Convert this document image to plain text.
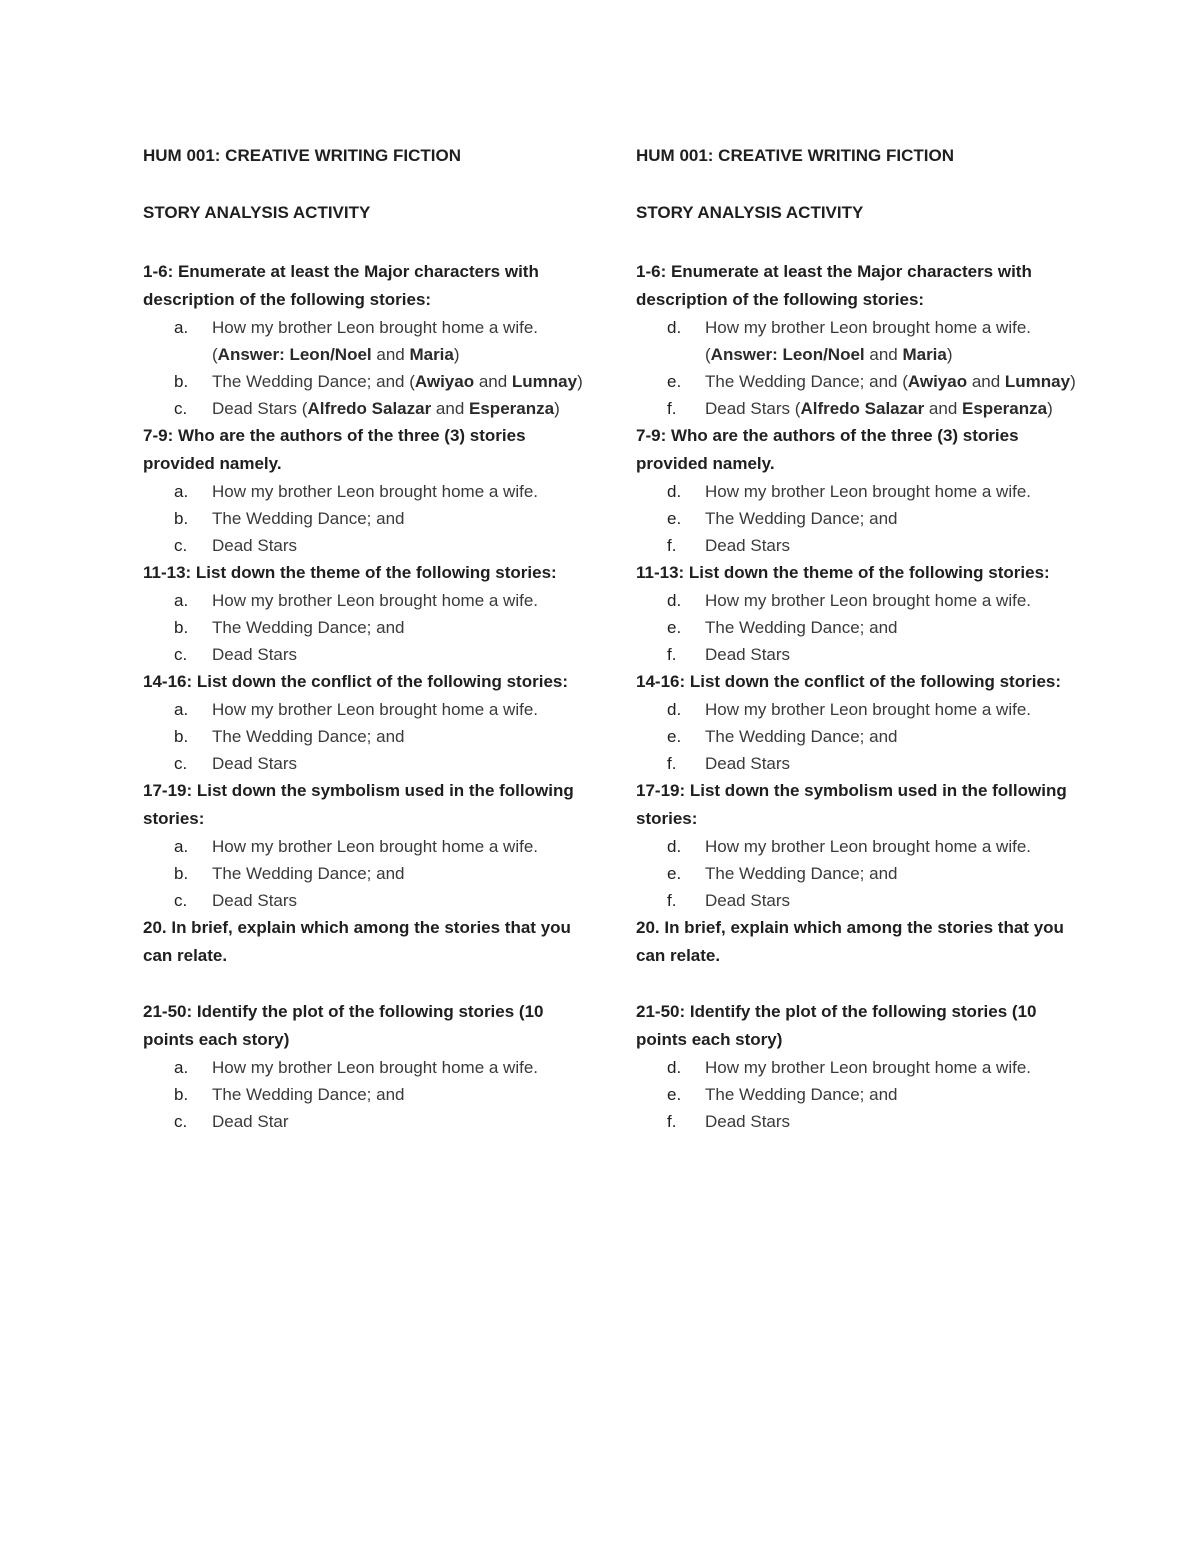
HUM 001: CREATIVE WRITING FICTION

STORY ANALYSIS ACTIVITY

1-6: Enumerate at least the Major characters with description of the following stories:

a. How my brother Leon brought home a wife. (Answer: Leon/Noel and Maria)
b. The Wedding Dance; and (Awiyao and Lumnay)
c. Dead Stars (Alfredo Salazar and Esperanza)

7-9: Who are the authors of the three (3) stories provided namely.

a. How my brother Leon brought home a wife.
b. The Wedding Dance; and
c. Dead Stars

11-13: List down the theme of the following stories:

a. How my brother Leon brought home a wife.
b. The Wedding Dance; and
c. Dead Stars

14-16: List down the conflict of the following stories:

a. How my brother Leon brought home a wife.
b. The Wedding Dance; and
c. Dead Stars

17-19: List down the symbolism used in the following stories:

a. How my brother Leon brought home a wife.
b. The Wedding Dance; and
c. Dead Stars

20. In brief, explain which among the stories that you can relate.

21-50: Identify the plot of the following stories (10 points each story)

a. How my brother Leon brought home a wife.
b. The Wedding Dance; and
c. Dead Star

HUM 001: CREATIVE WRITING FICTION

STORY ANALYSIS ACTIVITY

1-6: Enumerate at least the Major characters with description of the following stories:

d. How my brother Leon brought home a wife. (Answer: Leon/Noel and Maria)
e. The Wedding Dance; and (Awiyao and Lumnay)
f. Dead Stars (Alfredo Salazar and Esperanza)

7-9: Who are the authors of the three (3) stories provided namely.

d. How my brother Leon brought home a wife.
e. The Wedding Dance; and
f. Dead Stars

11-13: List down the theme of the following stories:

d. How my brother Leon brought home a wife.
e. The Wedding Dance; and
f. Dead Stars

14-16: List down the conflict of the following stories:

d. How my brother Leon brought home a wife.
e. The Wedding Dance; and
f. Dead Stars

17-19: List down the symbolism used in the following stories:

d. How my brother Leon brought home a wife.
e. The Wedding Dance; and
f. Dead Stars

20. In brief, explain which among the stories that you can relate.

21-50: Identify the plot of the following stories (10 points each story)

d. How my brother Leon brought home a wife.
e. The Wedding Dance; and
f. Dead Stars
